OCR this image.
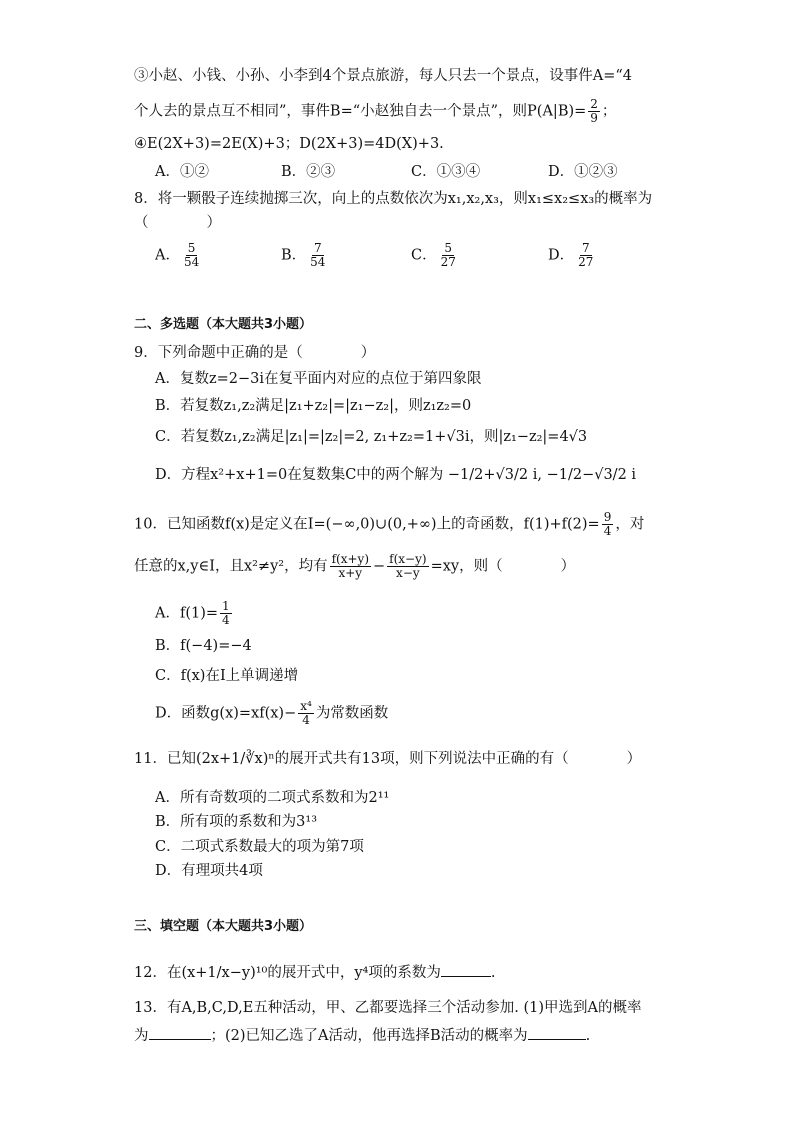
③小赵、小钱、小孙、小李到4个景点旅游，每人只去一个景点，设事件A=“4
个人去的景点互不相同”，事件B=“小赵独自去一个景点”，则$P(A|B)= \frac{2}{9}$ ；
④E(2X+3)=2E(X)+3；D(2X+3)=4D(X)+3.
A．①②	B．②③	C．①③④	D．①②③
8．将一颗骰子连续抛掷三次，向上的点数依次为x₁,x₂,x₃，则x₁≤x₂≤x₃的概率为
（　　　　）
A． $\frac{5}{54}$	B． $\frac{7}{54}$	C． $\frac{5}{27}$	D． $\frac{7}{27}$
二、多选题（本大题共3小题）
9．下列命题中正确的是（　　　　）
A．复数z=2−3i在复平面内对应的点位于第四象限
B．若复数z₁,z₂满足|z₁+z₂|=|z₁−z₂|，则z₁z₂=0
C．若复数z₁,z₂满足|z₁|=|z₂|=2, z₁+z₂=1+√3i，则|z₁−z₂|=4√3
D．方程x²+x+1=0在复数集C中的两个解为 −1/2+√3/2 i, −1/2−√3/2 i
10．已知函数f(x)是定义在I=(−∞,0)∪(0,+∞)上的奇函数，$f(1)+f(2)= \frac{9}{4}$ ，对
任意的x,y∈I，且x²≠y²，均有 $\frac{f(x+y)}{x+y} - \frac{f(x-y)}{x-y} =xy$，则（　　　　）
A．$f(1)= \frac{1}{4}$
B．f(−4)=−4
C．f(x)在I上单调递增
D．函数$g(x)=xf(x)- \frac{\text{x⁴}}{4}$ 为常数函数
11．已知(2x+1/∛x)ⁿ的展开式共有13项，则下列说法中正确的有（　　　　）
A．所有奇数项的二项式系数和为2¹¹
B．所有项的系数和为3¹³
C．二项式系数最大的项为第7项
D．有理项共4项
三、填空题（本大题共3小题）
12．在(x+1/x−y)¹⁰的展开式中，y⁴项的系数为	.
13．有A,B,C,D,E五种活动，甲、乙都要选择三个活动参加. (1)甲选到A的概率
为	；(2)已知乙选了A活动，他再选择B活动的概率为	.
